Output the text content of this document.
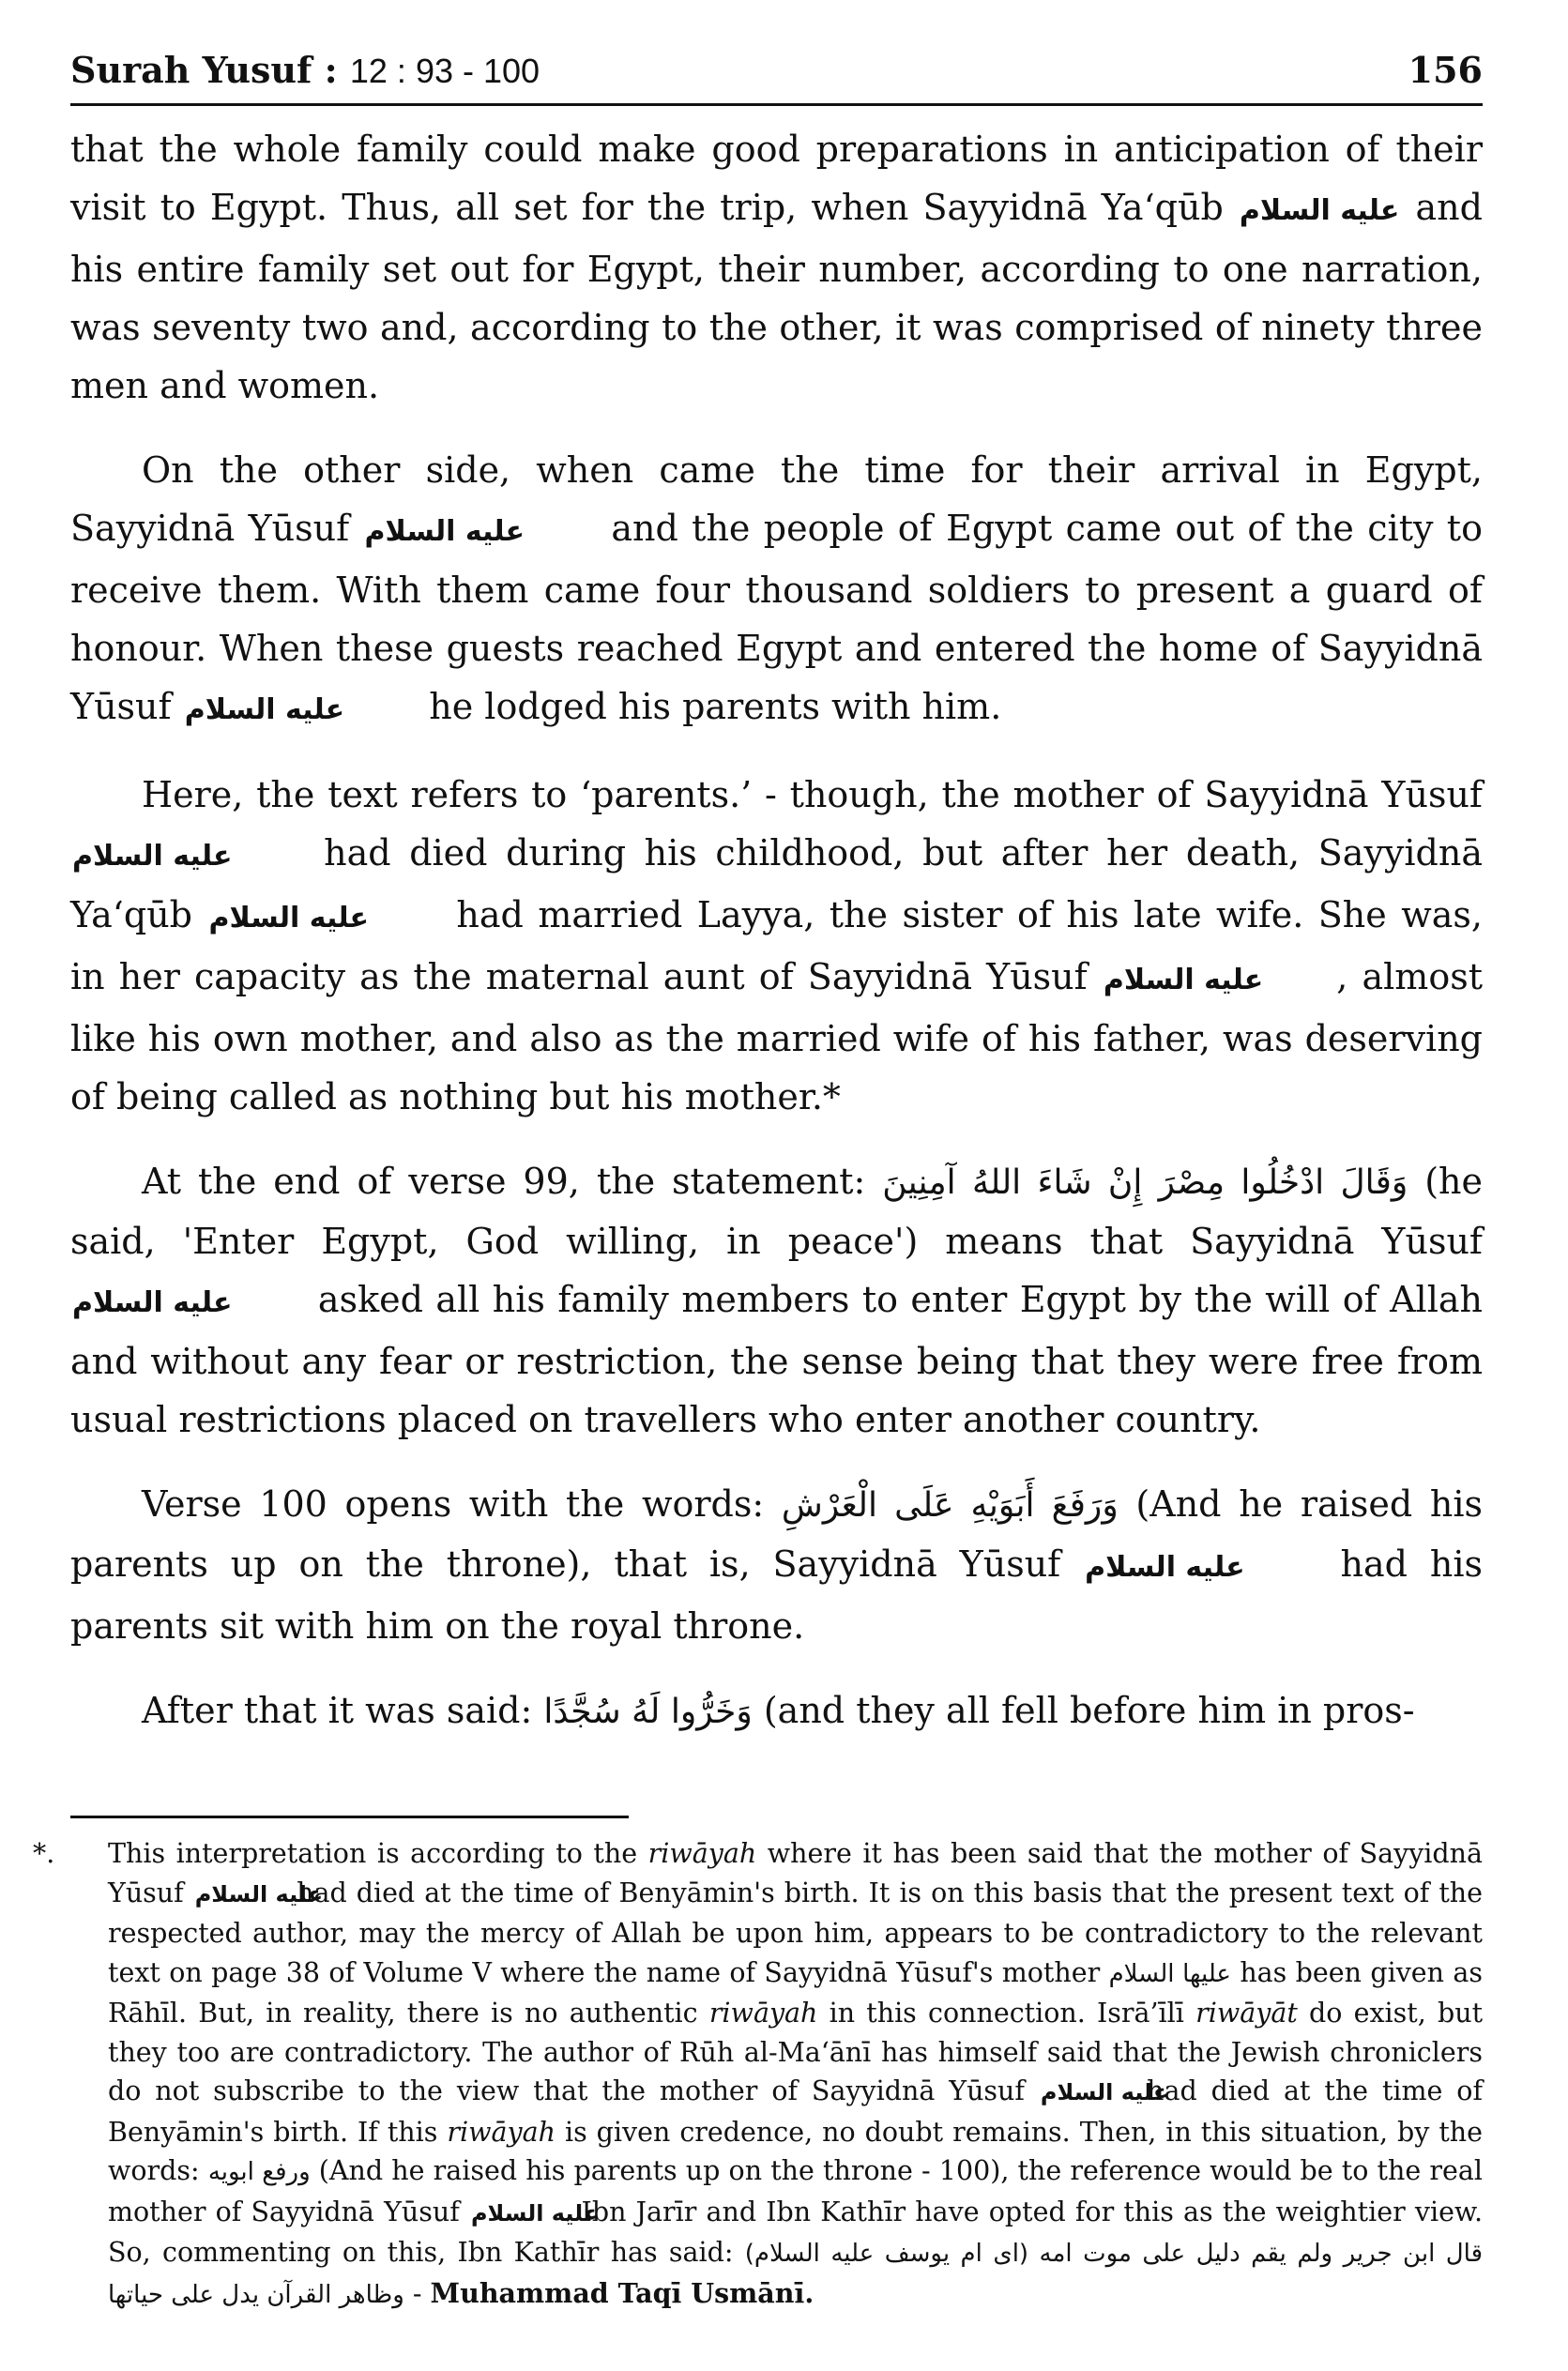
Surah Yusuf : 12 : 93 - 100	156

that the whole family could make good preparations in anticipation of their visit to Egypt. Thus, all set for the trip, when Sayyidnā Ya‘qūb عليه السلام and his entire family set out for Egypt, their number, according to one narration, was seventy two and, according to the other, it was comprised of ninety three men and women.

On the other side, when came the time for their arrival in Egypt, Sayyidnā Yūsuf عليه السلام and the people of Egypt came out of the city to receive them. With them came four thousand soldiers to present a guard of honour. When these guests reached Egypt and entered the home of Sayyidnā Yūsuf عليه السلام he lodged his parents with him.

Here, the text refers to ‘parents.’ - though, the mother of Sayyidnā Yūsuf عليه السلام	had died during his childhood, but after her death, Sayyidnā Ya‘qūb عليه السلام had married Layya, the sister of his late wife. She was, in her capacity as the maternal aunt of Sayyidnā Yūsuf عليه السلام , almost like his own mother, and also as the married wife of his father, was deserving of being called as nothing but his mother.*

At the end of verse 99, the statement: وَقَالَ ادْخُلُوا مِصْرَ إِنْ شَاءَ اللهُ آمِنِينَ (he said, 'Enter Egypt, God willing, in peace') means that Sayyidnā Yūsuf عليه السلام asked all his family members to enter Egypt by the will of Allah and without any fear or restriction, the sense being that they were free from usual restrictions placed on travellers who enter another country.

Verse 100 opens with the words: وَرَفَعَ أَبَوَيْهِ عَلَى الْعَرْشِ (And he raised his parents up on the throne), that is, Sayyidnā Yūsuf عليه السلام	had his parents sit with him on the royal throne.

After that it was said: وَخَرُّوا لَهُ سُجَّدًا (and they all fell before him in pros-

*. This interpretation is according to the riwāyah where it has been said that the mother of Sayyidnā Yūsuf عليه السلام had died at the time of Benyāmin's birth. It is on this basis that the present text of the respected author, may the mercy of Allah be upon him, appears to be contradictory to the relevant text on page 38 of Volume V where the name of Sayyidnā Yūsuf's mother عليها السلام has been given as Rāhīl. But, in reality, there is no authentic riwāyah in this connection. Isrā’īlī riwāyāt do exist, but they too are contradictory. The author of Rūh al-Ma‘ānī has himself said that the Jewish chroniclers do not subscribe to the view that the mother of Sayyidnā Yūsuf عليه السلام had died at the time of Benyāmin's birth. If this riwāyah is given credence, no doubt remains. Then, in this situation, by the words: ورفع ابويه (And he raised his parents up on the throne - 100), the reference would be to the real mother of Sayyidnā Yūsuf عليه السلام. Ibn Jarīr and Ibn Kathīr have opted for this as the weightier view. So, commenting on this, Ibn Kathīr has said: قال ابن جرير ولم يقم دليل على موت امه (اى ام يوسف عليه السلام) وظاهر القرآن يدل على حياتها - Muhammad Taqī Usmānī.
